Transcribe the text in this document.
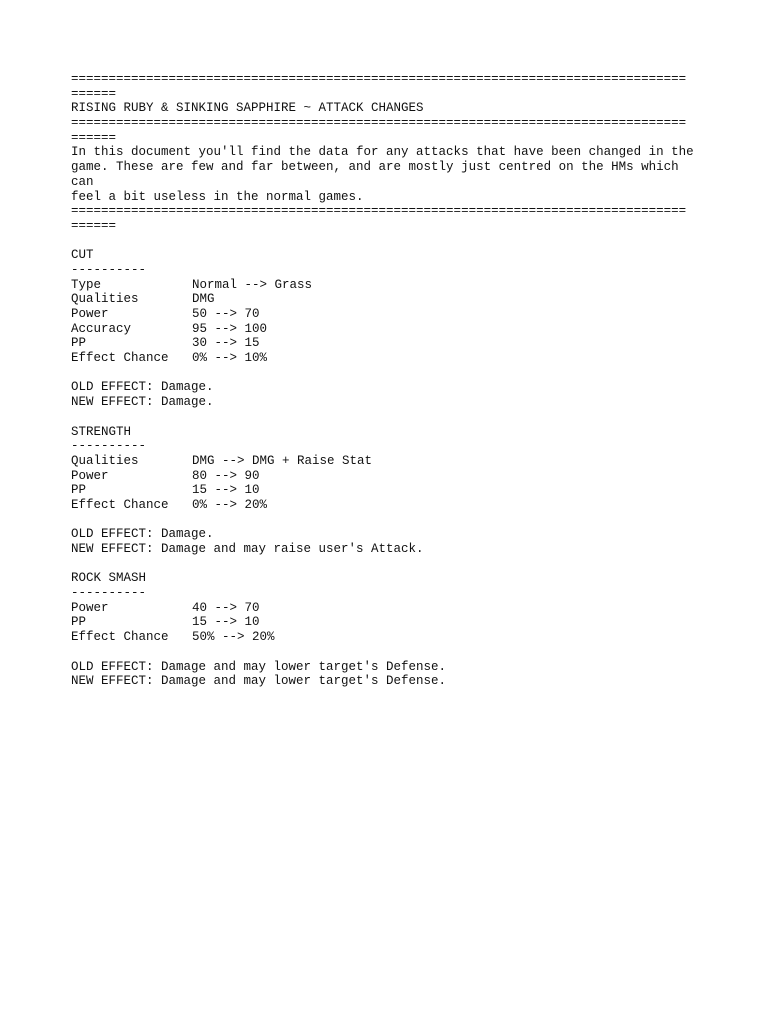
==================================================================================
======
RISING RUBY & SINKING SAPPHIRE ~ ATTACK CHANGES
==================================================================================
======
In this document you'll find the data for any attacks that have been changed in the
game. These are few and far between, and are mostly just centred on the HMs which
can
feel a bit useless in the normal games.
==================================================================================
======
CUT
----------
Type	Normal --> Grass
Qualities	DMG
Power	50 --> 70
Accuracy	95 --> 100
PP	30 --> 15
Effect Chance	0% --> 10%
OLD EFFECT: Damage.
NEW EFFECT: Damage.
STRENGTH
----------
Qualities	DMG --> DMG + Raise Stat
Power	80 --> 90
PP	15 --> 10
Effect Chance	0% --> 20%
OLD EFFECT: Damage.
NEW EFFECT: Damage and may raise user's Attack.
ROCK SMASH
----------
Power	40 --> 70
PP	15 --> 10
Effect Chance	50% --> 20%
OLD EFFECT: Damage and may lower target's Defense.
NEW EFFECT: Damage and may lower target's Defense.
